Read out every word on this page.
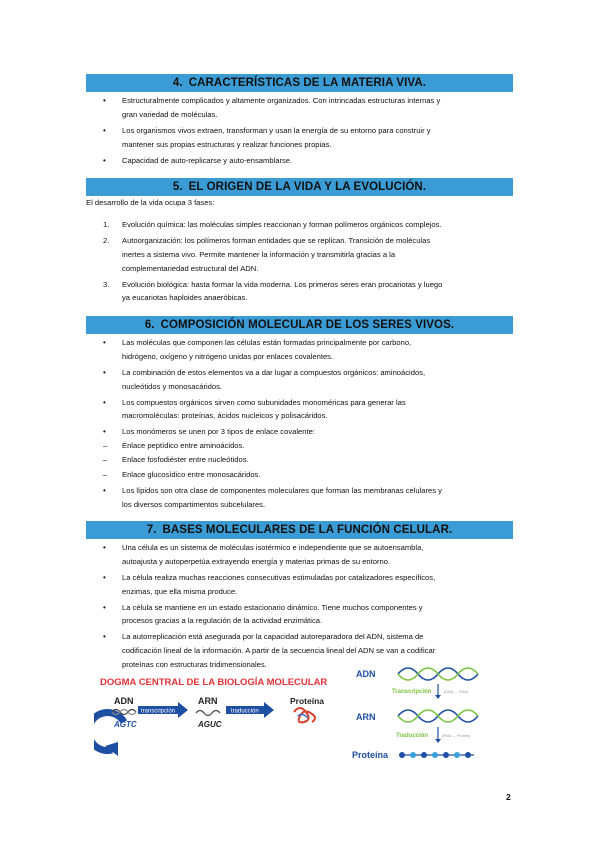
4. CARACTERÍSTICAS DE LA MATERIA VIVA.
• Estructuralmente complicados y altamente organizados. Con intrincadas estructuras internas y
gran variedad de moléculas.
• Los organismos vivos extraen, transforman y usan la energía de su entorno para construir y
mantener sus propias estructuras y realizar funciones propias.
• Capacidad de auto-replicarse y auto-ensamblarse.
5. EL ORIGEN DE LA VIDA Y LA EVOLUCIÓN.
El desarrollo de la vida ocupa 3 fases:
1. Evolución química: las moléculas simples reaccionan y forman polímeros orgánicos complejos.
2. Autoorganización: los polímeros forman entidades que se replican. Transición de moléculas
inertes a sistema vivo. Permite mantener la información y transmitirla gracias a la
complementariedad estructural del ADN.
3. Evolución biológica: hasta formar la vida moderna. Los primeros seres eran procariotas y luego
ya eucariotas haploides anaeróbicas.
6. COMPOSICIÓN MOLECULAR DE LOS SERES VIVOS.
• Las moléculas que componen las células están formadas principalmente por carbono,
hidrógeno, oxígeno y nitrógeno unidas por enlaces covalentes.
• La combinación de estos elementos va a dar lugar a compuestos orgánicos: aminoácidos,
nucleótidos y monosacáridos.
• Los compuestos orgánicos sirven como subunidades monoméricas para generar las
macromoléculas: proteínas, ácidos nucleicos y polisacáridos.
• Los monómeros se unen por 3 tipos de enlace covalente:
– Enlace peptídico entre aminoácidos.
– Enlace fosfodiéster entre nucleótidos.
– Enlace glucosídico entre monosacáridos.
• Los lípidos son otra clase de componentes moleculares que forman las membranas celulares y
los diversos compartimentos subcelulares.
7. BASES MOLECULARES DE LA FUNCIÓN CELULAR.
• Una célula es un sistema de moléculas isotérmico e independiente que se autoensambla,
autoajusta y autoperpetúa extrayendo energía y materias primas de su entorno.
• La célula realiza muchas reacciones consecutivas estimuladas por catalizadores específicos,
enzimas, que ella misma produce.
• La célula se mantiene en un estado estacionario dinámico. Tiene muchos componentes y
procesos gracias a la regulación de la actividad enzimática.
• La autorreplicación está asegurada por la capacidad autoreparadora del ADN, sistema de
codificación lineal de la información. A partir de la secuencia lineal del ADN se van a codificar
proteínas con estructuras tridimensionales.
DOGMA CENTRAL DE LA BIOLOGÍA MOLECULAR
replicación
ADN
AGTC
transcripción
ARN
AGUC
traducción
Proteína
ADN
Transcripción	(DNA → RNA)
ARN
Traducción	(RNA → Protein)
Proteína
2
